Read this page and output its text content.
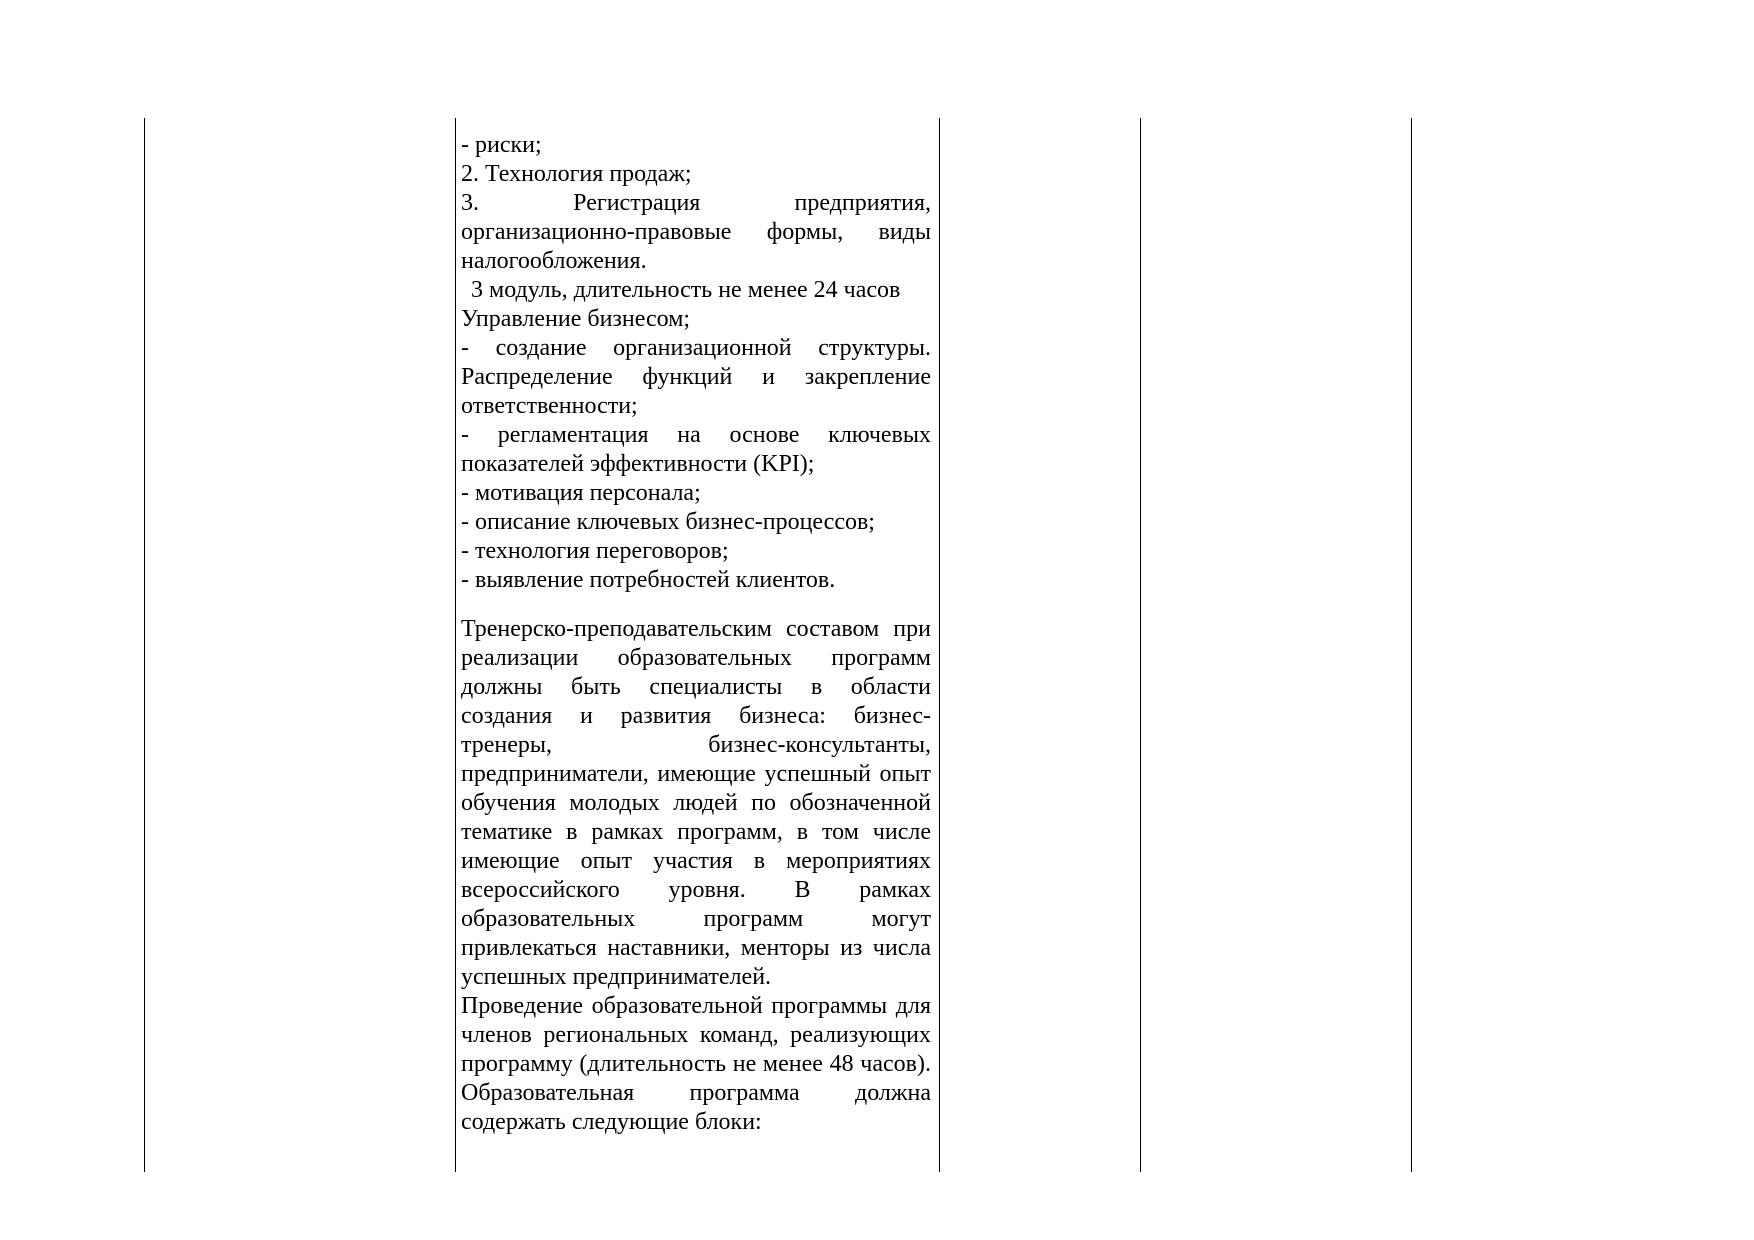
- риски;

2. Технология продаж;

3. Регистрация предприятия, организационно-правовые формы, виды налогообложения.

3 модуль, длительность не менее 24 часов

Управление бизнесом;

- создание организационной структуры. Распределение функций и закрепление ответственности;

- регламентация на основе ключевых показателей эффективности (KPI);

- мотивация персонала;

- описание ключевых бизнес-процессов;

- технология переговоров;

- выявление потребностей клиентов.

Тренерско-преподавательским составом при реализации образовательных программ должны быть специалисты в области создания и развития бизнеса: бизнес-тренеры, бизнес-консультанты, предприниматели, имеющие успешный опыт обучения молодых людей по обозначенной тематике в рамках программ, в том числе имеющие опыт участия в мероприятиях всероссийского уровня. В рамках образовательных программ могут привлекаться наставники, менторы из числа успешных предпринимателей.

Проведение образовательной программы для членов региональных команд, реализующих программу (длительность не менее 48 часов). Образовательная программа должна содержать следующие блоки:
